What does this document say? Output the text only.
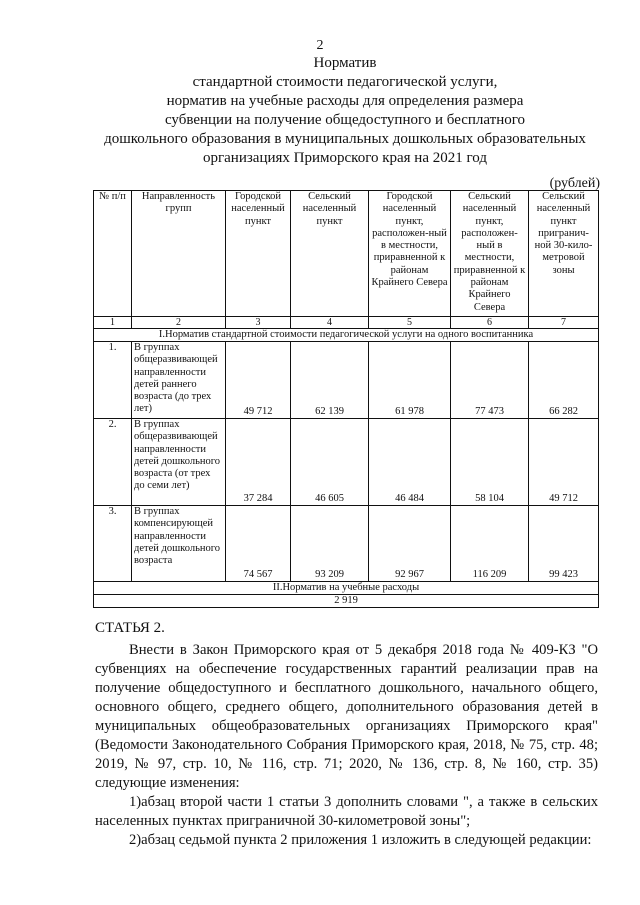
2
Норматив
стандартной стоимости педагогической услуги,
норматив на учебные расходы для определения размера
субвенции на получение общедоступного и бесплатного
дошкольного образования в муниципальных дошкольных образовательных
организациях Приморского края на 2021 год
(рублей)
№ п/п	Направленность групп	Городской населенный пункт	Сельский населенный пункт	Городской населенный пункт, расположен-ный в местности, приравненной к районам Крайнего Севера	Сельский населенный пункт, расположен-ный в местности, приравненной к районам Крайнего Севера	Сельский населенный пункт пригранич-ной 30-кило-метровой зоны
1	2	3	4	5	6	7
I.Норматив стандартной стоимости педагогической услуги на одного воспитанника						
1.	В группах общеразвивающей направленности детей раннего возраста (до трех лет)	49 712	62 139	61 978	77 473	66 282
2.	В группах общеразвивающей направленности детей дошкольного возраста (от трех до семи лет)	37 284	46 605	46 484	58 104	49 712
3.	В группах компенсирующей направленности детей дошкольного возраста	74 567	93 209	92 967	116 209	99 423
II.Норматив на учебные расходы						
2 919						
СТАТЬЯ 2.

Внести в Закон Приморского края от 5 декабря 2018 года № 409-КЗ "О субвенциях на обеспечение государственных гарантий реализации прав на получение общедоступного и бесплатного дошкольного, начального общего, основного общего, среднего общего, дополнительного образования детей в муниципальных общеобразовательных организациях Приморского края" (Ведомости Законодательного Собрания Приморского края, 2018, № 75, стр. 48; 2019, № 97, стр. 10, № 116, стр. 71; 2020, № 136, стр. 8, № 160, стр. 35) следующие изменения:

1)абзац второй части 1 статьи 3 дополнить словами ", а также в сельских населенных пунктах приграничной 30-километровой зоны";

2)абзац седьмой пункта 2 приложения 1 изложить в следующей редакции:
